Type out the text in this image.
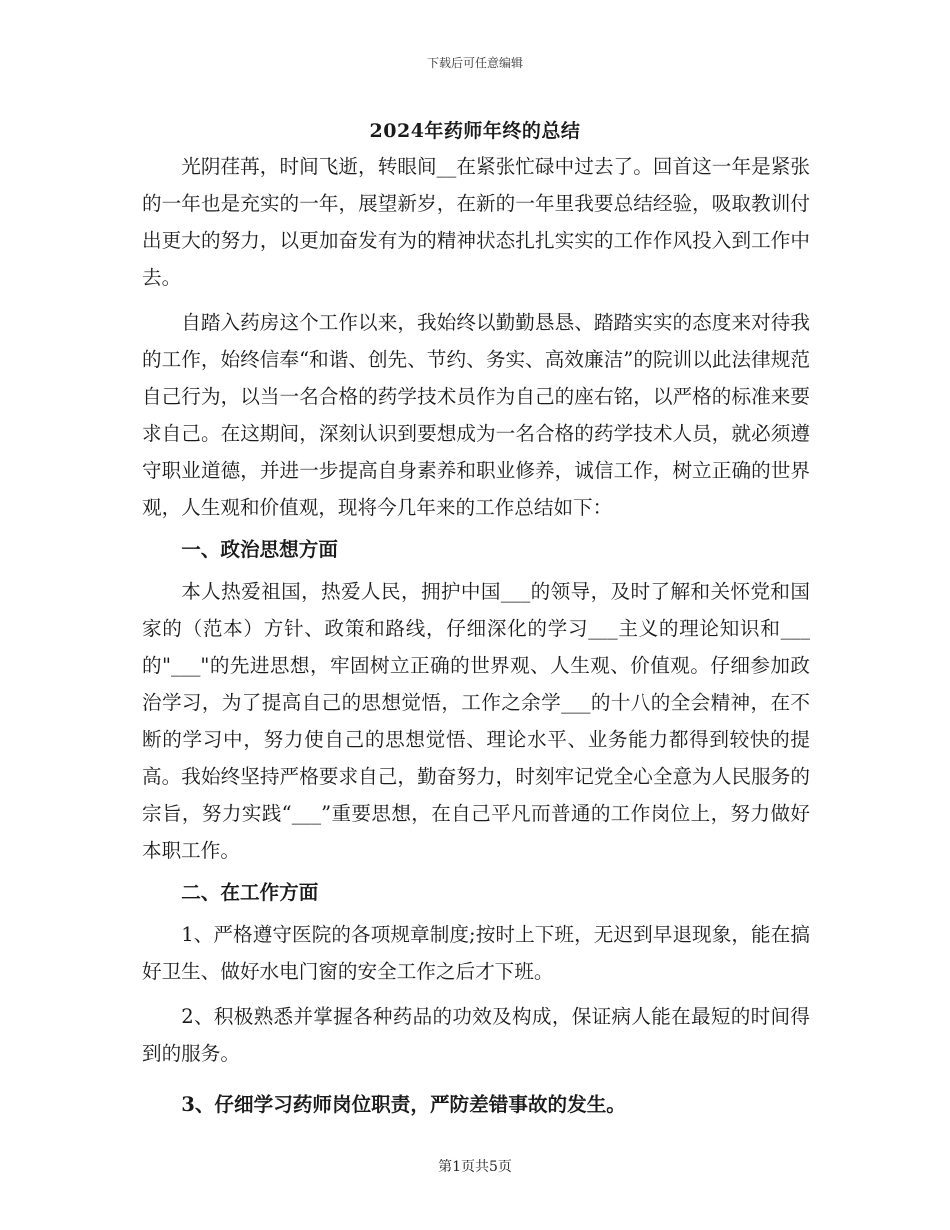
下载后可任意编辑
2024年药师年终的总结

光阴荏苒，时间飞逝，转眼间__在紧张忙碌中过去了。回首这一年是紧张的一年也是充实的一年，展望新岁，在新的一年里我要总结经验，吸取教训付出更大的努力，以更加奋发有为的精神状态扎扎实实的工作作风投入到工作中去。

自踏入药房这个工作以来，我始终以勤勤恳恳、踏踏实实的态度来对待我的工作，始终信奉“和谐、创先、节约、务实、高效廉洁”的院训以此法律规范自己行为，以当一名合格的药学技术员作为自己的座右铭，以严格的标准来要求自己。在这期间，深刻认识到要想成为一名合格的药学技术人员，就必须遵守职业道德，并进一步提高自身素养和职业修养，诚信工作，树立正确的世界观，人生观和价值观，现将今几年来的工作总结如下：

一、政治思想方面

本人热爱祖国，热爱人民，拥护中国___的领导，及时了解和关怀党和国家的（范本）方针、政策和路线，仔细深化的学习___主义的理论知识和___的"___"的先进思想，牢固树立正确的世界观、人生观、价值观。仔细参加政治学习，为了提高自己的思想觉悟，工作之余学___的十八的全会精神，在不断的学习中，努力使自己的思想觉悟、理论水平、业务能力都得到较快的提高。我始终坚持严格要求自己，勤奋努力，时刻牢记党全心全意为人民服务的宗旨，努力实践“___”重要思想，在自己平凡而普通的工作岗位上，努力做好本职工作。

二、在工作方面

1、严格遵守医院的各项规章制度;按时上下班，无迟到早退现象，能在搞好卫生、做好水电门窗的安全工作之后才下班。

2、积极熟悉并掌握各种药品的功效及构成，保证病人能在最短的时间得到的服务。

3、仔细学习药师岗位职责，严防差错事故的发生。

第1页共5页
